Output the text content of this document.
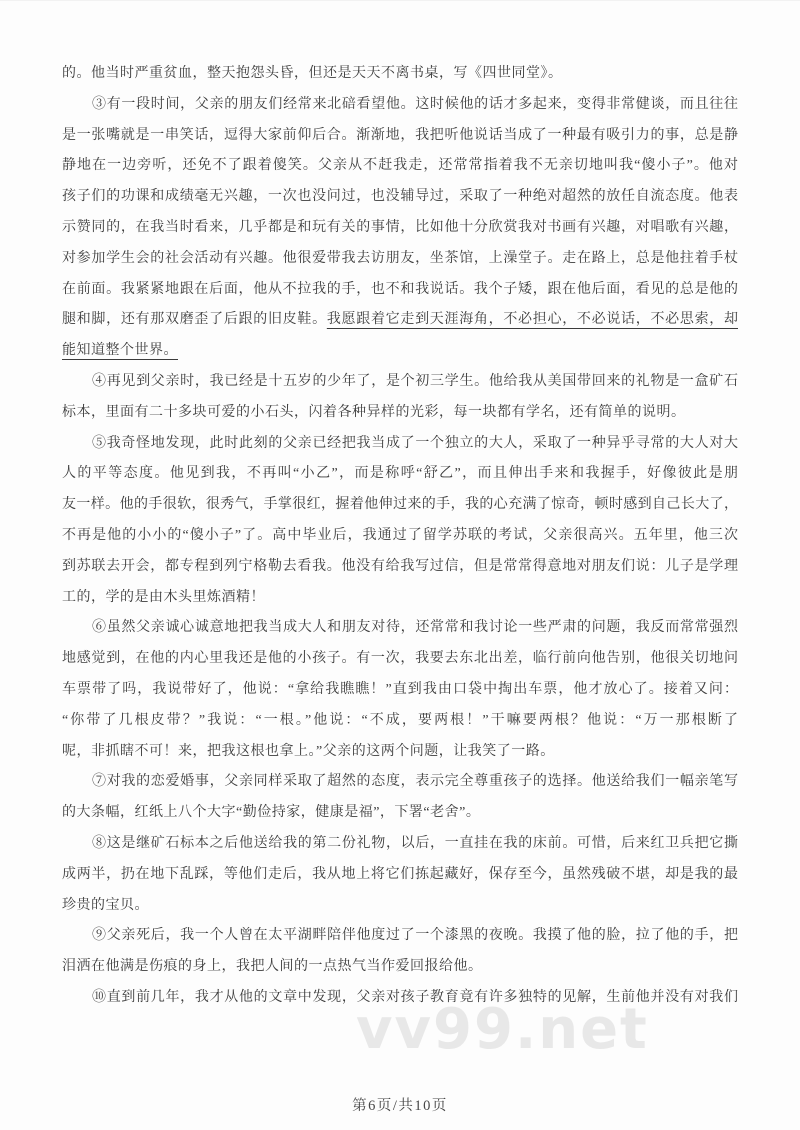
vv99.net
的。他当时严重贫血，整天抱怨头昏，但还是天天不离书桌，写《四世同堂》。
③有一段时间，父亲的朋友们经常来北碚看望他。这时候他的话才多起来，变得非常健谈，而且往往
是一张嘴就是一串笑话，逗得大家前仰后合。渐渐地，我把听他说话当成了一种最有吸引力的事，总是静
静地在一边旁听，还免不了跟着傻笑。父亲从不赶我走，还常常指着我不无亲切地叫我“傻小子”。他对
孩子们的功课和成绩毫无兴趣，一次也没问过，也没辅导过，采取了一种绝对超然的放任自流态度。他表
示赞同的，在我当时看来，几乎都是和玩有关的事情，比如他十分欣赏我对书画有兴趣，对唱歌有兴趣，
对参加学生会的社会活动有兴趣。他很爱带我去访朋友，坐茶馆，上澡堂子。走在路上，总是他拄着手杖
在前面。我紧紧地跟在后面，他从不拉我的手，也不和我说话。我个子矮，跟在他后面，看见的总是他的
腿和脚，还有那双磨歪了后跟的旧皮鞋。我愿跟着它走到天涯海角，不必担心，不必说话，不必思索，却
能知道整个世界。
④再见到父亲时，我已经是十五岁的少年了，是个初三学生。他给我从美国带回来的礼物是一盒矿石
标本，里面有二十多块可爱的小石头，闪着各种异样的光彩，每一块都有学名，还有简单的说明。
⑤我奇怪地发现，此时此刻的父亲已经把我当成了一个独立的大人，采取了一种异乎寻常的大人对大
人的平等态度。他见到我，不再叫“小乙”，而是称呼“舒乙”，而且伸出手来和我握手，好像彼此是朋
友一样。他的手很软，很秀气，手掌很红，握着他伸过来的手，我的心充满了惊奇，顿时感到自己长大了，
不再是他的小小的“傻小子”了。高中毕业后，我通过了留学苏联的考试，父亲很高兴。五年里，他三次
到苏联去开会，都专程到列宁格勒去看我。他没有给我写过信，但是常常得意地对朋友们说：儿子是学理
工的，学的是由木头里炼酒精！
⑥虽然父亲诚心诚意地把我当成大人和朋友对待，还常常和我讨论一些严肃的问题，我反而常常强烈
地感觉到，在他的内心里我还是他的小孩子。有一次，我要去东北出差，临行前向他告别，他很关切地问
车票带了吗，我说带好了，他说：“拿给我瞧瞧！”直到我由口袋中掏出车票，他才放心了。接着又问：
“你带了几根皮带？”我说：“一根。”他说：“不成，要两根！”干嘛要两根？他说：“万一那根断了
呢，非抓瞎不可！来，把我这根也拿上。”父亲的这两个问题，让我笑了一路。
⑦对我的恋爱婚事，父亲同样采取了超然的态度，表示完全尊重孩子的选择。他送给我们一幅亲笔写
的大条幅，红纸上八个大字“勤俭持家，健康是福”，下署“老舍”。
⑧这是继矿石标本之后他送给我的第二份礼物，以后，一直挂在我的床前。可惜，后来红卫兵把它撕
成两半，扔在地下乱踩，等他们走后，我从地上将它们拣起藏好，保存至今，虽然残破不堪，却是我的最
珍贵的宝贝。
⑨父亲死后，我一个人曾在太平湖畔陪伴他度过了一个漆黑的夜晚。我摸了他的脸，拉了他的手，把
泪洒在他满是伤痕的身上，我把人间的一点热气当作爱回报给他。
⑩直到前几年，我才从他的文章中发现，父亲对孩子教育竟有许多独特的见解，生前他并没有对我们
第6页/共10页
